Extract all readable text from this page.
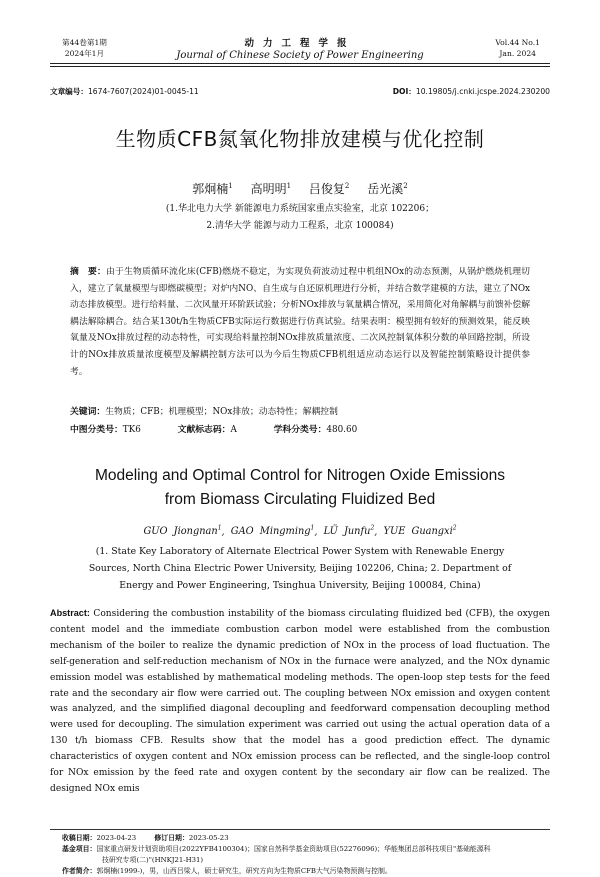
第44卷第1期
2024年1月
动力工程学报
Journal of Chinese Society of Power Engineering
Vol.44 No.1
Jan. 2024
文章编号：1674-7607(2024)01-0045-11	DOI：10.19805/j.cnki.jcspe.2024.230200
生物质CFB氮氧化物排放建模与优化控制
郭炯楠$^1$ 高明明$^1$ 吕俊复$^2$ 岳光溪$^2$
(1.华北电力大学 新能源电力系统国家重点实验室，北京 102206；
2.清华大学 能源与动力工程系，北京 100084)
摘　要：由于生物质循环流化床(CFB)燃烧不稳定，为实现负荷波动过程中机组NOx的动态预测，从锅炉燃烧机理切入，建立了氧量模型与即燃碳模型；对炉内NO、自生成与自还原机理进行分析，并结合数学建模的方法，建立了NOx动态排放模型。进行给料量、二次风量开环阶跃试验；分析NOx排放与氧量耦合情况，采用简化对角解耦与前馈补偿解耦法解除耦合。结合某130t/h生物质CFB实际运行数据进行仿真试验。结果表明：模型拥有较好的预测效果，能反映氧量及NOx排放过程的动态特性，可实现给料量控制NOx排放质量浓度、二次风控制氧体积分数的单回路控制，所设计的NOx排放质量浓度模型及解耦控制方法可以为今后生物质CFB机组适应动态运行以及智能控制策略设计提供参考。
关键词：生物质；CFB；机理模型；NOx排放；动态特性；解耦控制
中图分类号：TK6	文献标志码：A	学科分类号：480.60
Modeling and Optimal Control for Nitrogen Oxide Emissions
from Biomass Circulating Fluidized Bed
GUO Jiongnan$^1$, GAO Mingming$^1$, LÜ Junfu$^2$, YUE Guangxi$^2$
(1. State Key Laboratory of Alternate Electrical Power System with Renewable Energy
Sources, North China Electric Power University, Beijing 102206, China; 2. Department of
Energy and Power Engineering, Tsinghua University, Beijing 100084, China)
Abstract: Considering the combustion instability of the biomass circulating fluidized bed (CFB), the oxygen content model and the immediate combustion carbon model were established from the combustion mechanism of the boiler to realize the dynamic prediction of NOx in the process of load fluctuation. The self-generation and self-reduction mechanism of NOx in the furnace were analyzed, and the NOx dynamic emission model was established by mathematical modeling methods. The open-loop step tests for the feed rate and the secondary air flow were carried out. The coupling between NOx emission and oxygen content was analyzed, and the simplified diagonal decoupling and feedforward compensation decoupling method were used for decoupling. The simulation experiment was carried out using the actual operation data of a 130 t/h biomass CFB. Results show that the model has a good prediction effect. The dynamic characteristics of oxygen content and NOx emission process can be reflected, and the single-loop control for NOx emission by the feed rate and oxygen content by the secondary air flow can be realized. The designed NOx emis
收稿日期：2023-04-23	修订日期：2023-05-23
基金项目：国家重点研发计划资助项目(2022YFB4100304)；国家自然科学基金资助项目(52276096)；华能集团总部科技项目"基础能源科
技研究专项(二)"(HNKJ21-H31)
作者简介：郭炯楠(1999-)，男，山西吕梁人，硕士研究生，研究方向为生物质CFB大气污染物预测与控制。
